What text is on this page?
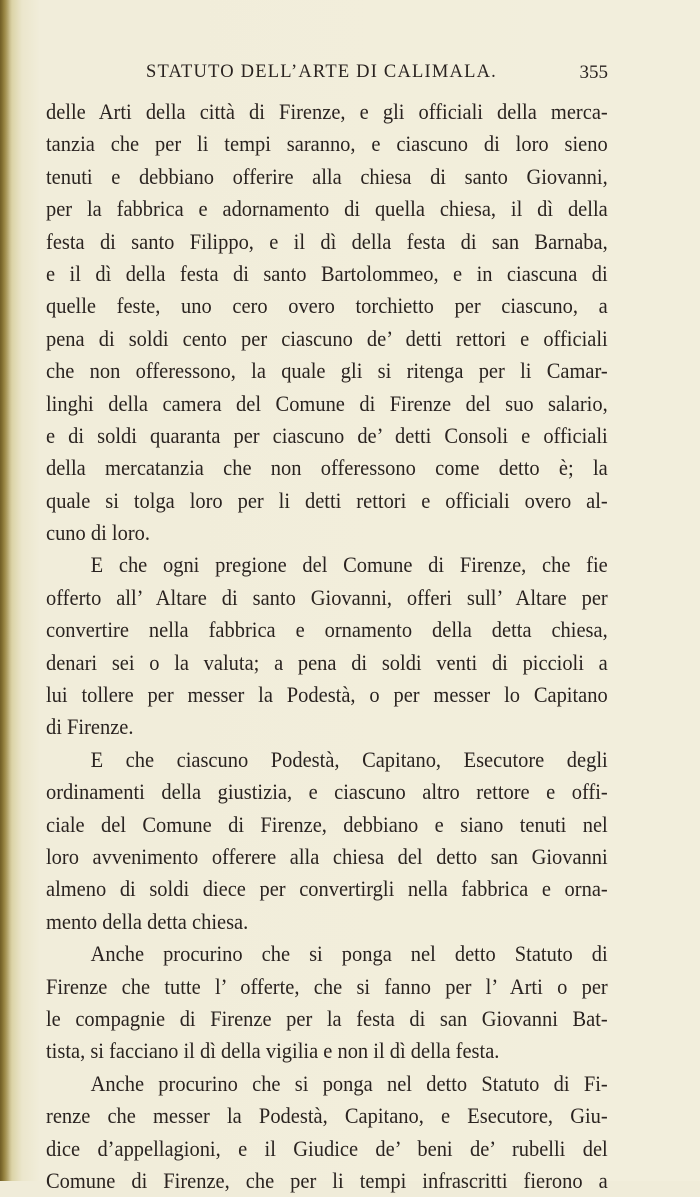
STATUTO DELL’ARTE DI CALIMALA.	355
delle Arti della città di Firenze, e gli officiali della merca-
tanzia che per li tempi saranno, e ciascuno di loro sieno
tenuti e debbiano offerire alla chiesa di santo Giovanni,
per la fabbrica e adornamento di quella chiesa, il dì della
festa di santo Filippo, e il dì della festa di san Barnaba,
e il dì della festa di santo Bartolommeo, e in ciascuna di
quelle feste, uno cero overo torchietto per ciascuno, a
pena di soldi cento per ciascuno de’ detti rettori e officiali
che non offeressono, la quale gli si ritenga per li Camar-
linghi della camera del Comune di Firenze del suo salario,
e di soldi quaranta per ciascuno de’ detti Consoli e officiali
della mercatanzia che non offeressono come detto è; la
quale si tolga loro per li detti rettori e officiali overo al-
cuno di loro.
E che ogni pregione del Comune di Firenze, che fie
offerto all’ Altare di santo Giovanni, offeri sull’ Altare per
convertire nella fabbrica e ornamento della detta chiesa,
denari sei o la valuta; a pena di soldi venti di piccioli a
lui tollere per messer la Podestà, o per messer lo Capitano
di Firenze.
E che ciascuno Podestà, Capitano, Esecutore degli
ordinamenti della giustizia, e ciascuno altro rettore e offi-
ciale del Comune di Firenze, debbiano e siano tenuti nel
loro avvenimento offerere alla chiesa del detto san Giovanni
almeno di soldi diece per convertirgli nella fabbrica e orna-
mento della detta chiesa.
Anche procurino che si ponga nel detto Statuto di
Firenze che tutte l’ offerte, che si fanno per l’ Arti o per
le compagnie di Firenze per la festa di san Giovanni Bat-
tista, si facciano il dì della vigilia e non il dì della festa.
Anche procurino che si ponga nel detto Statuto di Fi-
renze che messer la Podestà, Capitano, e Esecutore, Giu-
dice d’appellagioni, e il Giudice de’ beni de’ rubelli del
Comune di Firenze, che per li tempi infrascritti fierono a
